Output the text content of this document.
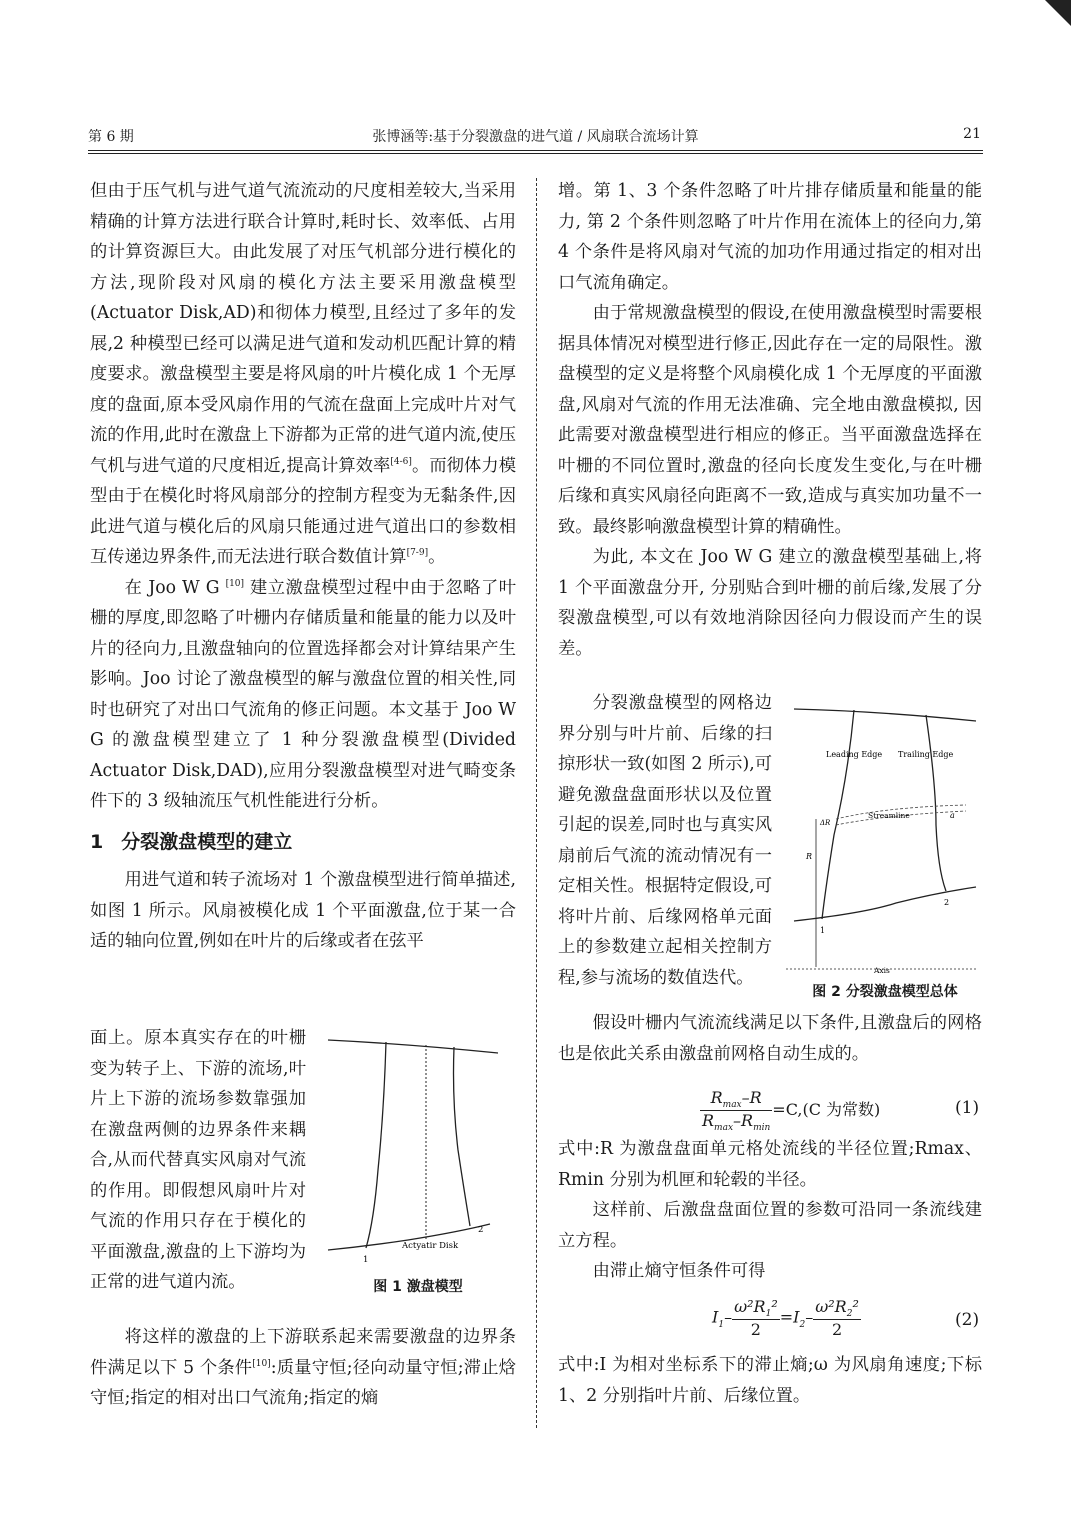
第 6 期	张博涵等:基于分裂激盘的进气道 / 风扇联合流场计算	21

但由于压气机与进气道气流流动的尺度相差较大,当采用精确的计算方法进行联合计算时,耗时长、效率低、占用的计算资源巨大。由此发展了对压气机部分进行模化的方法,现阶段对风扇的模化方法主要采用激盘模型(Actuator Disk,AD)和彻体力模型,且经过了多年的发展,2 种模型已经可以满足进气道和发动机匹配计算的精度要求。激盘模型主要是将风扇的叶片模化成 1 个无厚度的盘面,原本受风扇作用的气流在盘面上完成叶片对气流的作用,此时在激盘上下游都为正常的进气道内流,使压气机与进气道的尺度相近,提高计算效率[4-6]。而彻体力模型由于在模化时将风扇部分的控制方程变为无黏条件,因此进气道与模化后的风扇只能通过进气道出口的参数相互传递边界条件,而无法进行联合数值计算[7-9]。

在 Joo W G [10] 建立激盘模型过程中由于忽略了叶栅的厚度,即忽略了叶栅内存储质量和能量的能力以及叶片的径向力,且激盘轴向的位置选择都会对计算结果产生影响。Joo 讨论了激盘模型的解与激盘位置的相关性,同时也研究了对出口气流角的修正问题。本文基于 Joo W G 的激盘模型建立了 1 种分裂激盘模型(Divided Actuator Disk,DAD),应用分裂激盘模型对进气畸变条件下的 3 级轴流压气机性能进行分析。

1 分裂激盘模型的建立

用进气道和转子流场对 1 个激盘模型进行简单描述,如图 1 所示。风扇被模化成 1 个平面激盘,位于某一合适的轴向位置,例如在叶片的后缘或者在弦平

面上。原本真实存在的叶栅变为转子上、下游的流场,叶片上下游的流场参数靠强加在激盘两侧的边界条件来耦合,从而代替真实风扇对气流的作用。即假想风扇叶片对气流的作用只存在于模化的平面激盘,激盘的上下游均为正常的进气道内流。

将这样的激盘的上下游联系起来需要激盘的边界条件满足以下 5 个条件[10]:质量守恒;径向动量守恒;滞止焓守恒;指定的相对出口气流角;指定的熵

Actyatir Disk
1
2
图 1 激盘模型

增。第 1、3 个条件忽略了叶片排存储质量和能量的能力, 第 2 个条件则忽略了叶片作用在流体上的径向力,第 4 个条件是将风扇对气流的加功作用通过指定的相对出口气流角确定。

由于常规激盘模型的假设,在使用激盘模型时需要根据具体情况对模型进行修正,因此存在一定的局限性。激盘模型的定义是将整个风扇模化成 1 个无厚度的平面激盘,风扇对气流的作用无法准确、完全地由激盘模拟, 因此需要对激盘模型进行相应的修正。当平面激盘选择在叶栅的不同位置时,激盘的径向长度发生变化,与在叶栅后缘和真实风扇径向距离不一致,造成与真实加功量不一致。最终影响激盘模型计算的精确性。

为此, 本文在 Joo W G 建立的激盘模型基础上,将 1 个平面激盘分开, 分别贴合到叶栅的前后缘,发展了分裂激盘模型,可以有效地消除因径向力假设而产生的误差。

分裂激盘模型的网格边界分别与叶片前、后缘的扫掠形状一致(如图 2 所示),可避免激盘盘面形状以及位置引起的误差,同时也与真实风扇前后气流的流动情况有一定相关性。根据特定假设,可将叶片前、后缘网格单元面上的参数建立起相关控制方程,参与流场的数值迭代。

Leading Edge Trailing Edge
Streamline
Axis
R
ΔR
a
1
2
图 2 分裂激盘模型总体

假设叶栅内气流流线满足以下条件,且激盘后的网格也是依此关系由激盘前网格自动生成的。

$\frac{R_{max}-R}{R_{max}-R_{min}} =C,(C$ 为常数)	(1)

式中:R 为激盘盘面单元格处流线的半径位置;Rmax、Rmin 分别为机匣和轮毂的半径。

这样前、后激盘盘面位置的参数可沿同一条流线建立方程。

由滞止熵守恒条件可得

$I_1- \frac{\omega^2R_1^2}{2} =I_2- \frac{\omega^2R_2^2}{2}$	(2)

式中:I 为相对坐标系下的滞止熵;ω 为风扇角速度;下标 1、2 分别指叶片前、后缘位置。
